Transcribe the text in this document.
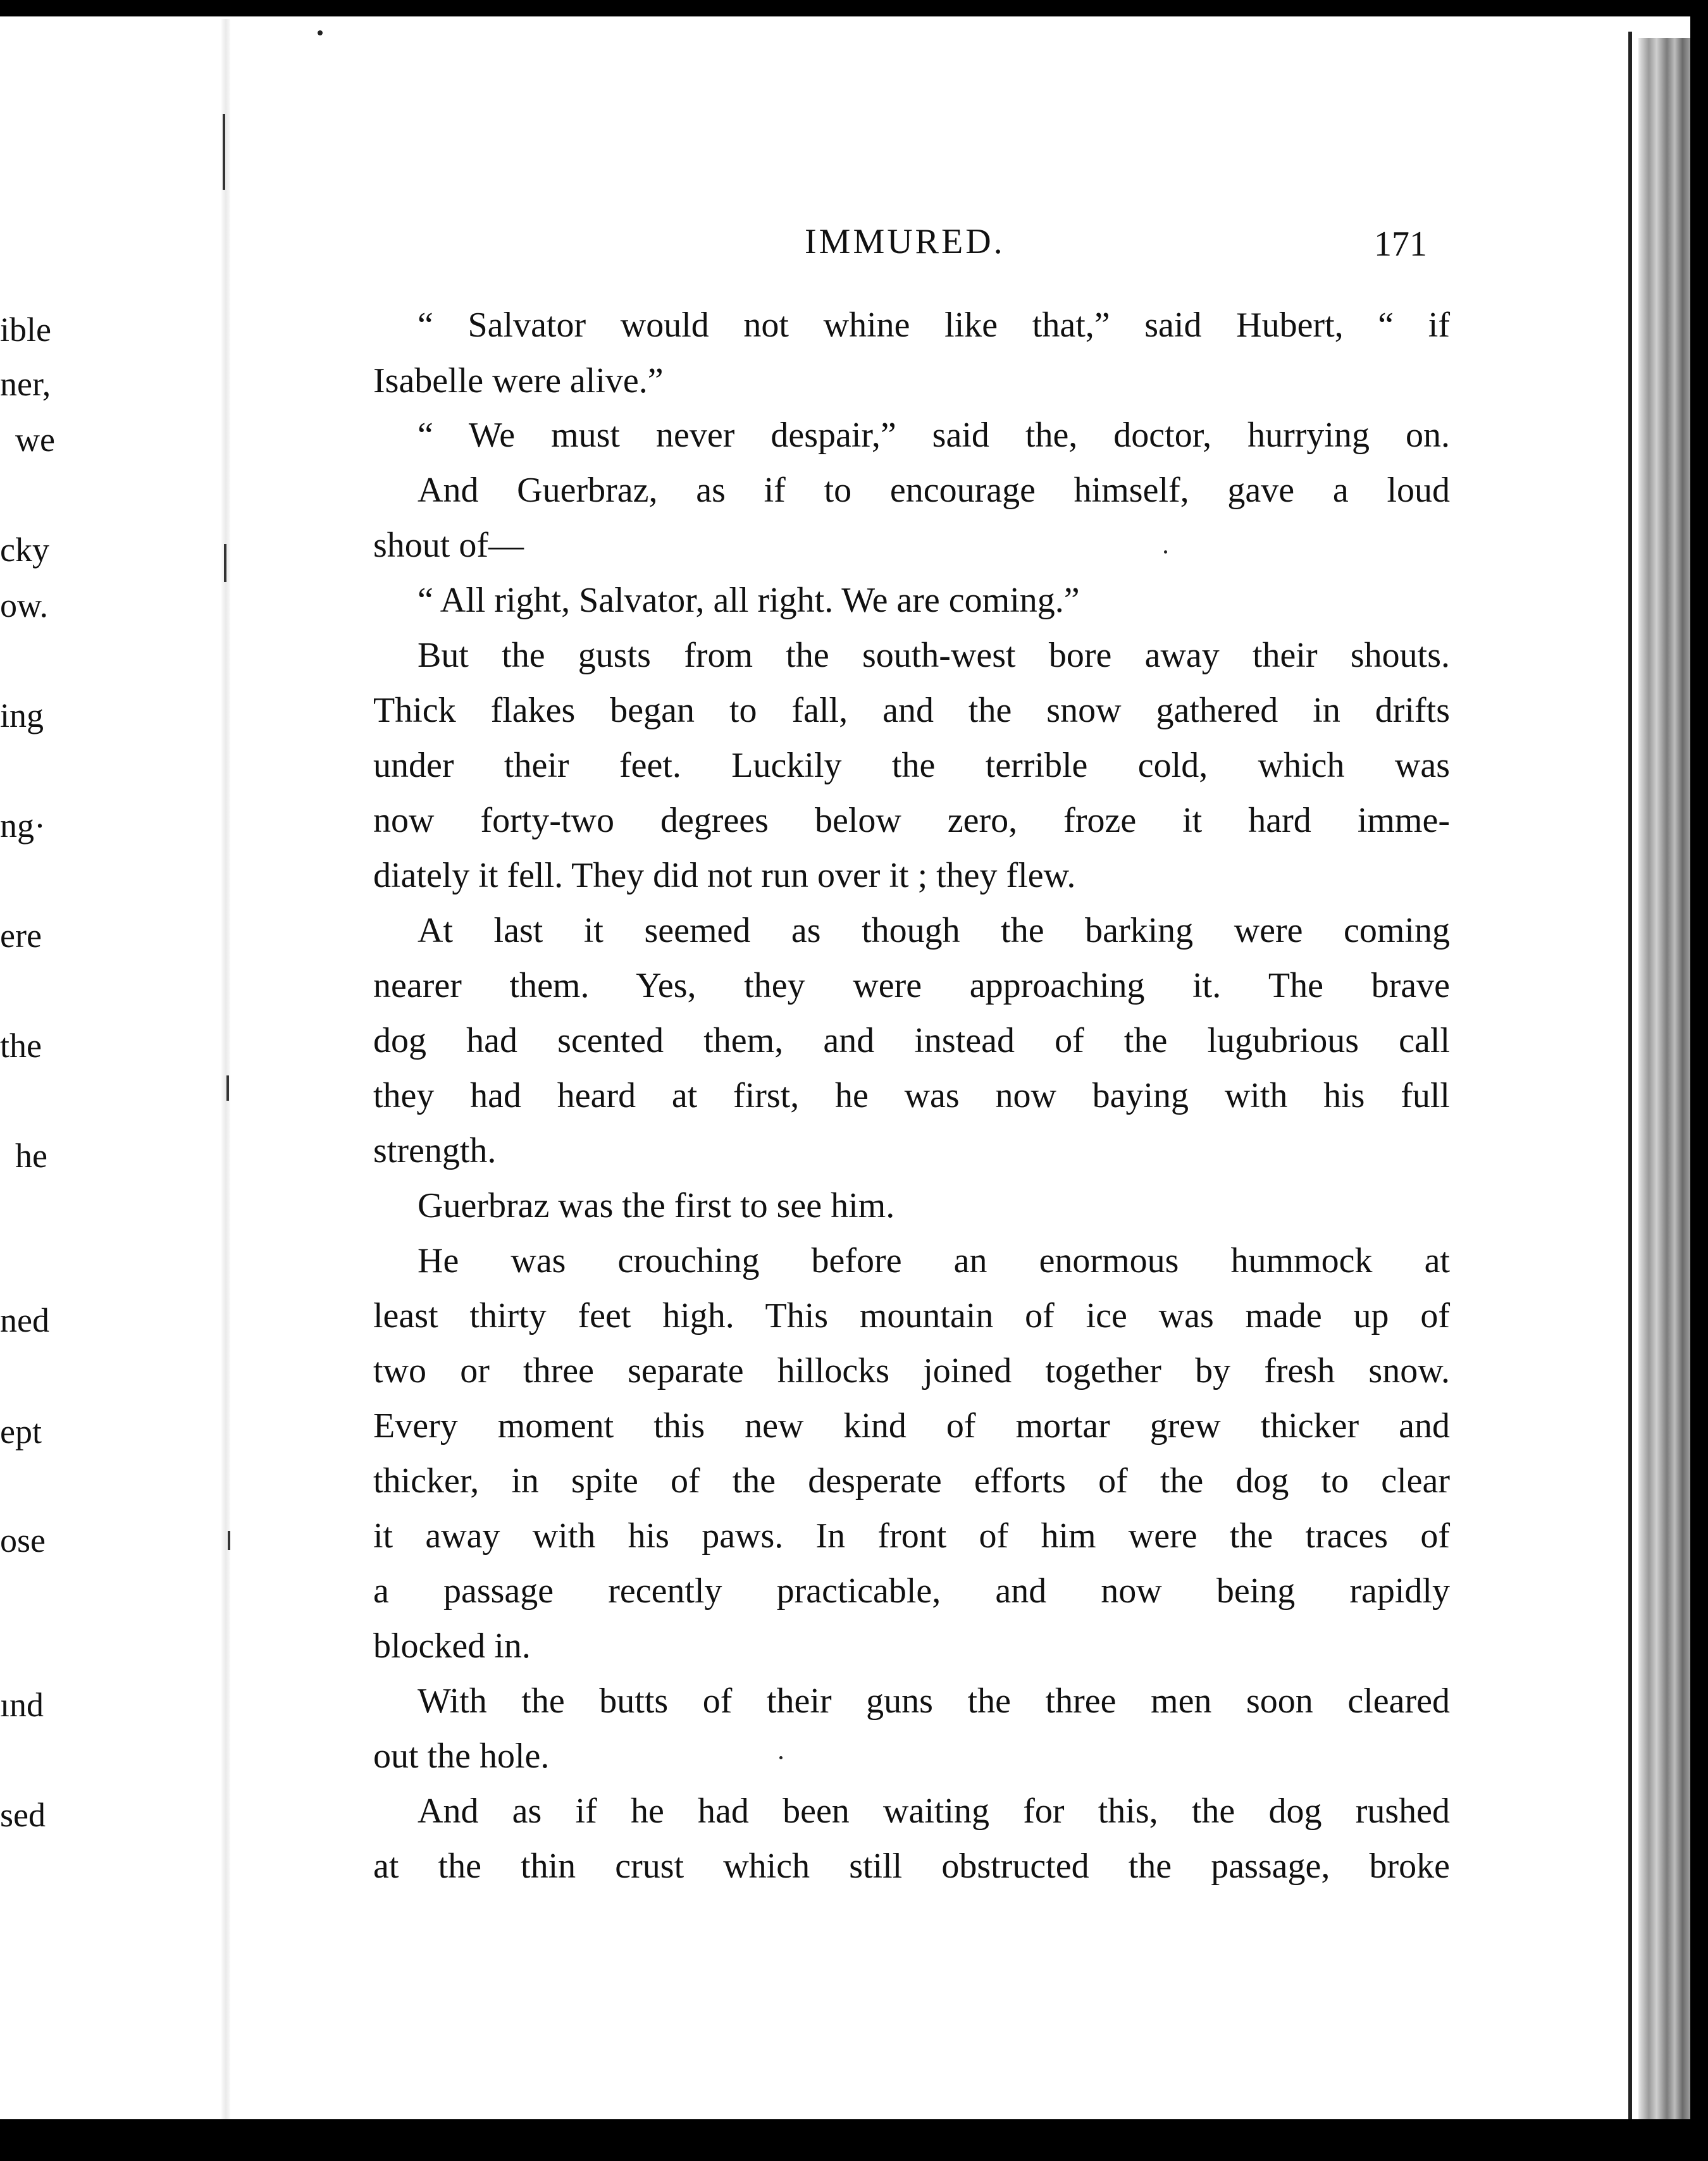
ible
ner,
we
cky
ow.
ing
ng·
ere
the
he
ned
ept
ose
ınd
sed
IMMURED.	171
“ Salvator would not whine like that,” said Hubert, “ if
Isabelle were alive.”
“ We must never despair,” said the, doctor, hurrying on.
And Guerbraz, as if to encourage himself, gave a loud
shout of—
“ All right, Salvator, all right. We are coming.”
But the gusts from the south-west bore away their shouts.
Thick flakes began to fall, and the snow gathered in drifts
under their feet. Luckily the terrible cold, which was
now forty-two degrees below zero, froze it hard imme-
diately it fell. They did not run over it ; they flew.
At last it seemed as though the barking were coming
nearer them. Yes, they were approaching it. The brave
dog had scented them, and instead of the lugubrious call
they had heard at first, he was now baying with his full
strength.
Guerbraz was the first to see him.
He was crouching before an enormous hummock at
least thirty feet high. This mountain of ice was made up of
two or three separate hillocks joined together by fresh snow.
Every moment this new kind of mortar grew thicker and
thicker, in spite of the desperate efforts of the dog to clear
it away with his paws. In front of him were the traces of
a passage recently practicable, and now being rapidly
blocked in.
With the butts of their guns the three men soon cleared
out the hole.
And as if he had been waiting for this, the dog rushed
at the thin crust which still obstructed the passage, broke
